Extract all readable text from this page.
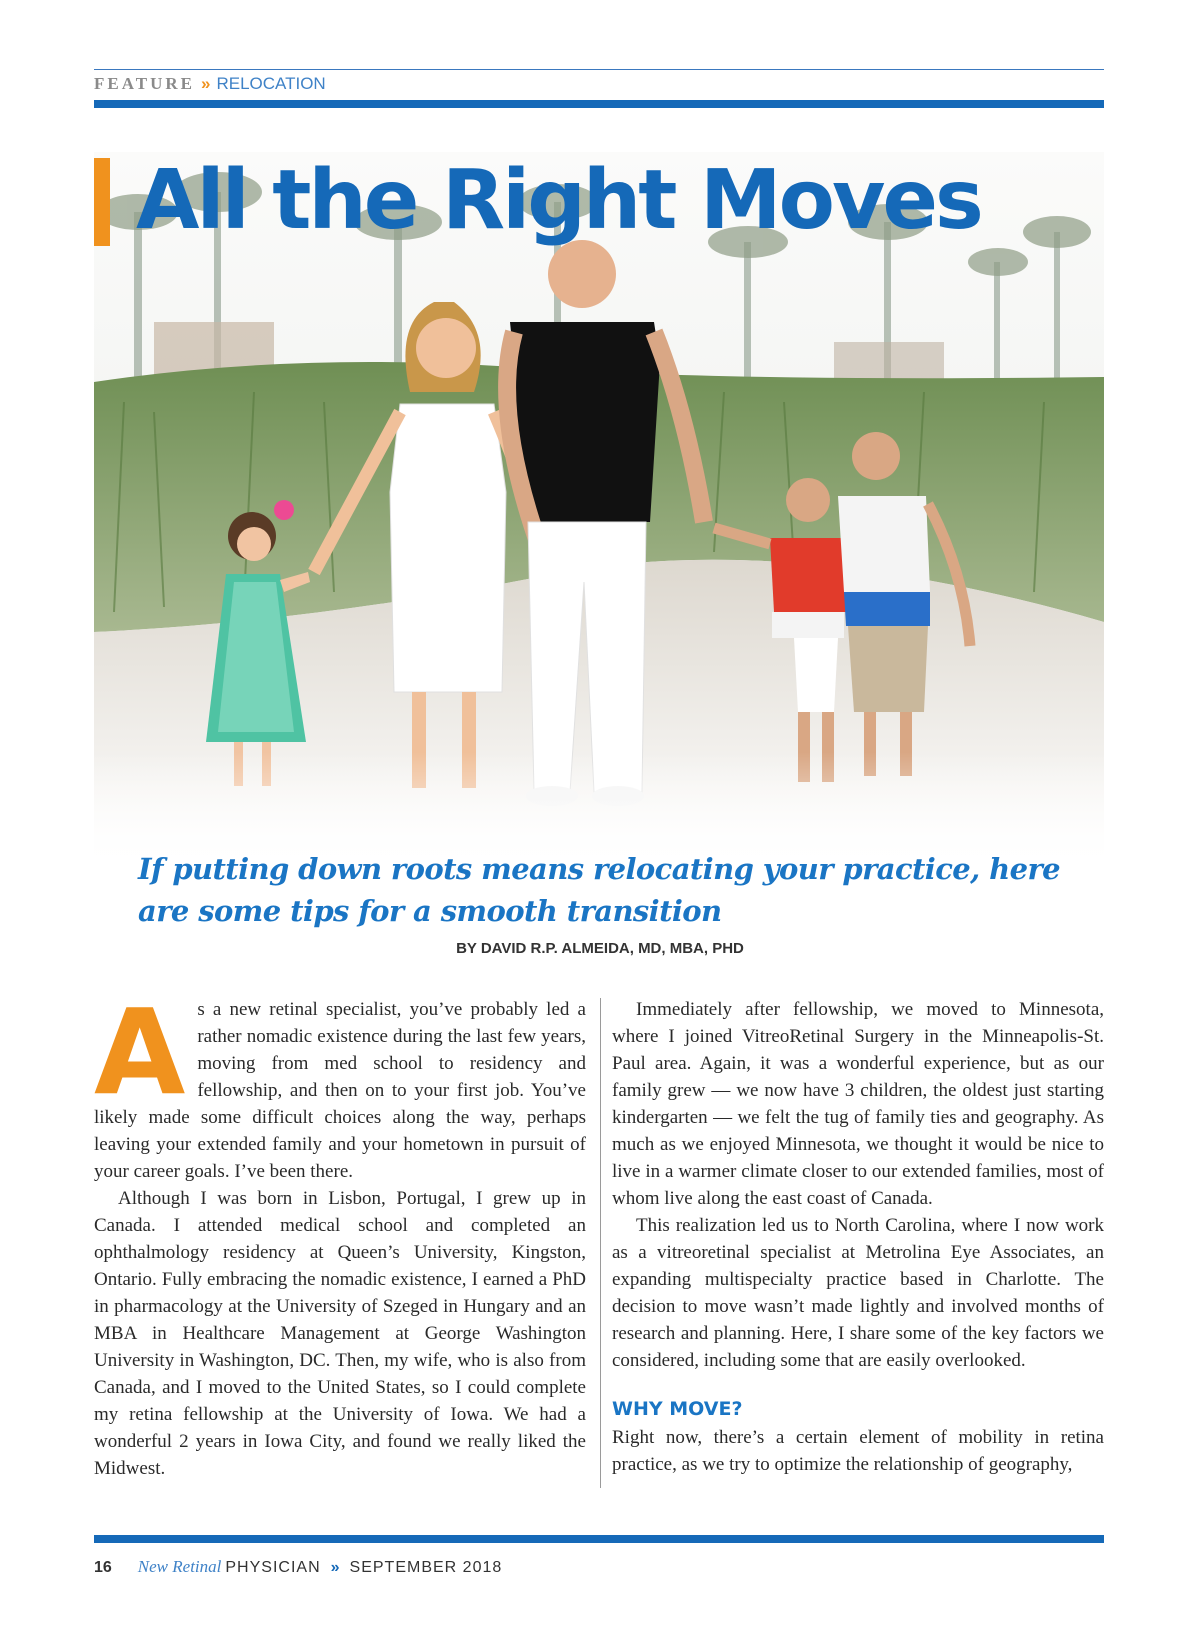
FEATURE » RELOCATION
All the Right Moves

If putting down roots means relocating your practice, here are some tips for a smooth transition

BY DAVID R.P. ALMEIDA, MD, MBA, PHD

As a new retinal specialist, you’ve probably led a rather nomadic existence during the last few years, moving from med school to residency and fellowship, and then on to your first job. You’ve likely made some difficult choices along the way, perhaps leaving your extended family and your hometown in pursuit of your career goals. I’ve been there.

Although I was born in Lisbon, Portugal, I grew up in Canada. I attended medical school and completed an ophthalmology residency at Queen’s University, Kingston, Ontario. Fully embracing the nomadic existence, I earned a PhD in pharmacology at the University of Szeged in Hungary and an MBA in Healthcare Management at George Washington University in Washington, DC. Then, my wife, who is also from Canada, and I moved to the United States, so I could complete my retina fellowship at the University of Iowa. We had a wonderful 2 years in Iowa City, and found we really liked the Midwest.

Immediately after fellowship, we moved to Minnesota, where I joined VitreoRetinal Surgery in the Minneapolis-St. Paul area. Again, it was a wonderful experience, but as our family grew — we now have 3 children, the oldest just starting kindergarten — we felt the tug of family ties and geography. As much as we enjoyed Minnesota, we thought it would be nice to live in a warmer climate closer to our extended families, most of whom live along the east coast of Canada.

This realization led us to North Carolina, where I now work as a vitreoretinal specialist at Metrolina Eye Associates, an expanding multispecialty practice based in Charlotte. The decision to move wasn’t made lightly and involved months of research and planning. Here, I share some of the key factors we considered, including some that are easily overlooked.

WHY MOVE?

Right now, there’s a certain element of mobility in retina practice, as we try to optimize the relationship of geography,

16 New Retinal PHYSICIAN » SEPTEMBER 2018
